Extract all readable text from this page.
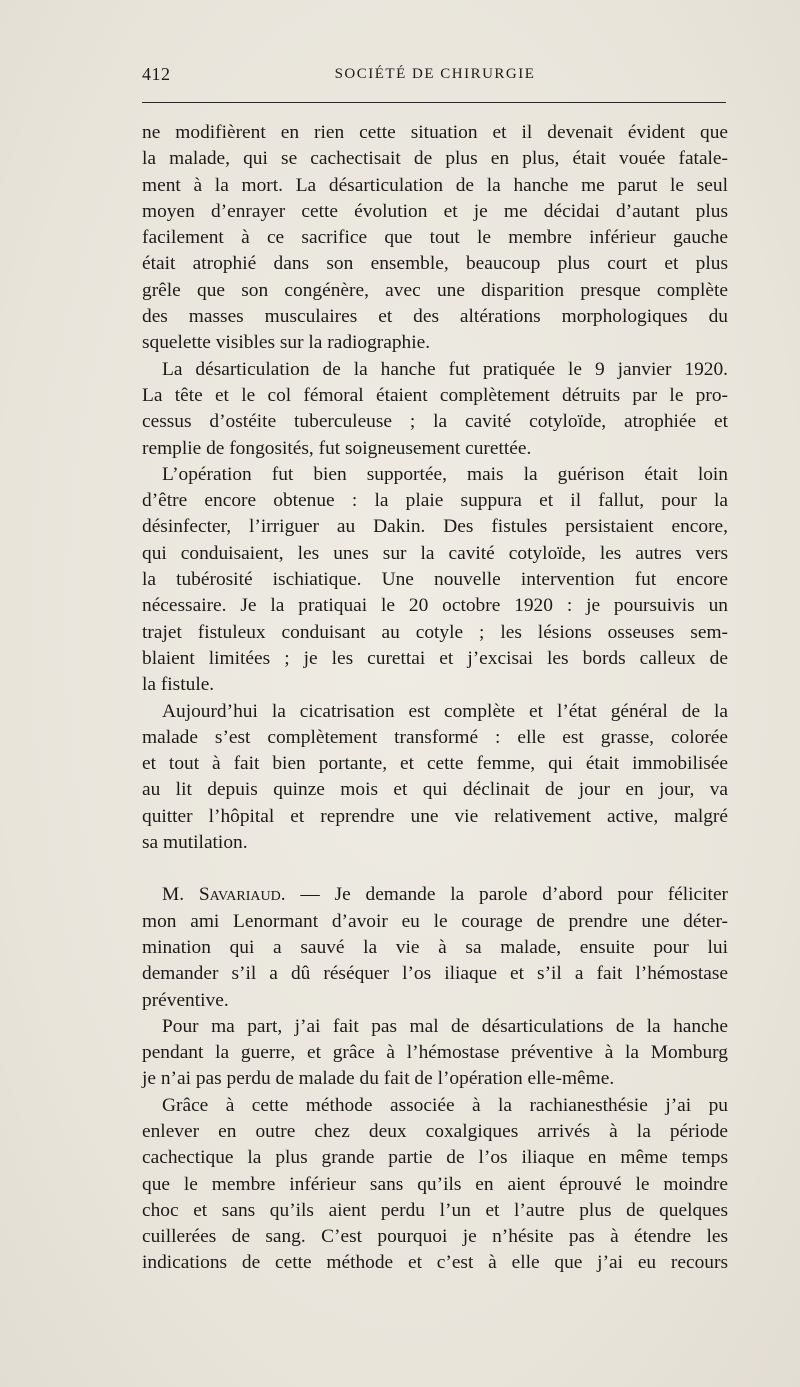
412	SOCIÉTÉ DE CHIRURGIE
ne modifièrent en rien cette situation et il devenait évident que
la malade, qui se cachectisait de plus en plus, était vouée fatale-
ment à la mort. La désarticulation de la hanche me parut le seul
moyen d’enrayer cette évolution et je me décidai d’autant plus
facilement à ce sacrifice que tout le membre inférieur gauche
était atrophié dans son ensemble, beaucoup plus court et plus
grêle que son congénère, avec une disparition presque complète
des masses musculaires et des altérations morphologiques du
squelette visibles sur la radiographie.
La désarticulation de la hanche fut pratiquée le 9 janvier 1920.
La tête et le col fémoral étaient complètement détruits par le pro-
cessus d’ostéite tuberculeuse ; la cavité cotyloïde, atrophiée et
remplie de fongosités, fut soigneusement curettée.
L’opération fut bien supportée, mais la guérison était loin
d’être encore obtenue : la plaie suppura et il fallut, pour la
désinfecter, l’irriguer au Dakin. Des fistules persistaient encore,
qui conduisaient, les unes sur la cavité cotyloïde, les autres vers
la tubérosité ischiatique. Une nouvelle intervention fut encore
nécessaire. Je la pratiquai le 20 octobre 1920 : je poursuivis un
trajet fistuleux conduisant au cotyle ; les lésions osseuses sem-
blaient limitées ; je les curettai et j’excisai les bords calleux de
la fistule.
Aujourd’hui la cicatrisation est complète et l’état général de la
malade s’est complètement transformé : elle est grasse, colorée
et tout à fait bien portante, et cette femme, qui était immobilisée
au lit depuis quinze mois et qui déclinait de jour en jour, va
quitter l’hôpital et reprendre une vie relativement active, malgré
sa mutilation.
M. Savariaud. — Je demande la parole d’abord pour féliciter
mon ami Lenormant d’avoir eu le courage de prendre une déter-
mination qui a sauvé la vie à sa malade, ensuite pour lui
demander s’il a dû réséquer l’os iliaque et s’il a fait l’hémostase
préventive.
Pour ma part, j’ai fait pas mal de désarticulations de la hanche
pendant la guerre, et grâce à l’hémostase préventive à la Momburg
je n’ai pas perdu de malade du fait de l’opération elle-même.
Grâce à cette méthode associée à la rachianesthésie j’ai pu
enlever en outre chez deux coxalgiques arrivés à la période
cachectique la plus grande partie de l’os iliaque en même temps
que le membre inférieur sans qu’ils en aient éprouvé le moindre
choc et sans qu’ils aient perdu l’un et l’autre plus de quelques
cuillerées de sang. C’est pourquoi je n’hésite pas à étendre les
indications de cette méthode et c’est à elle que j’ai eu recours
